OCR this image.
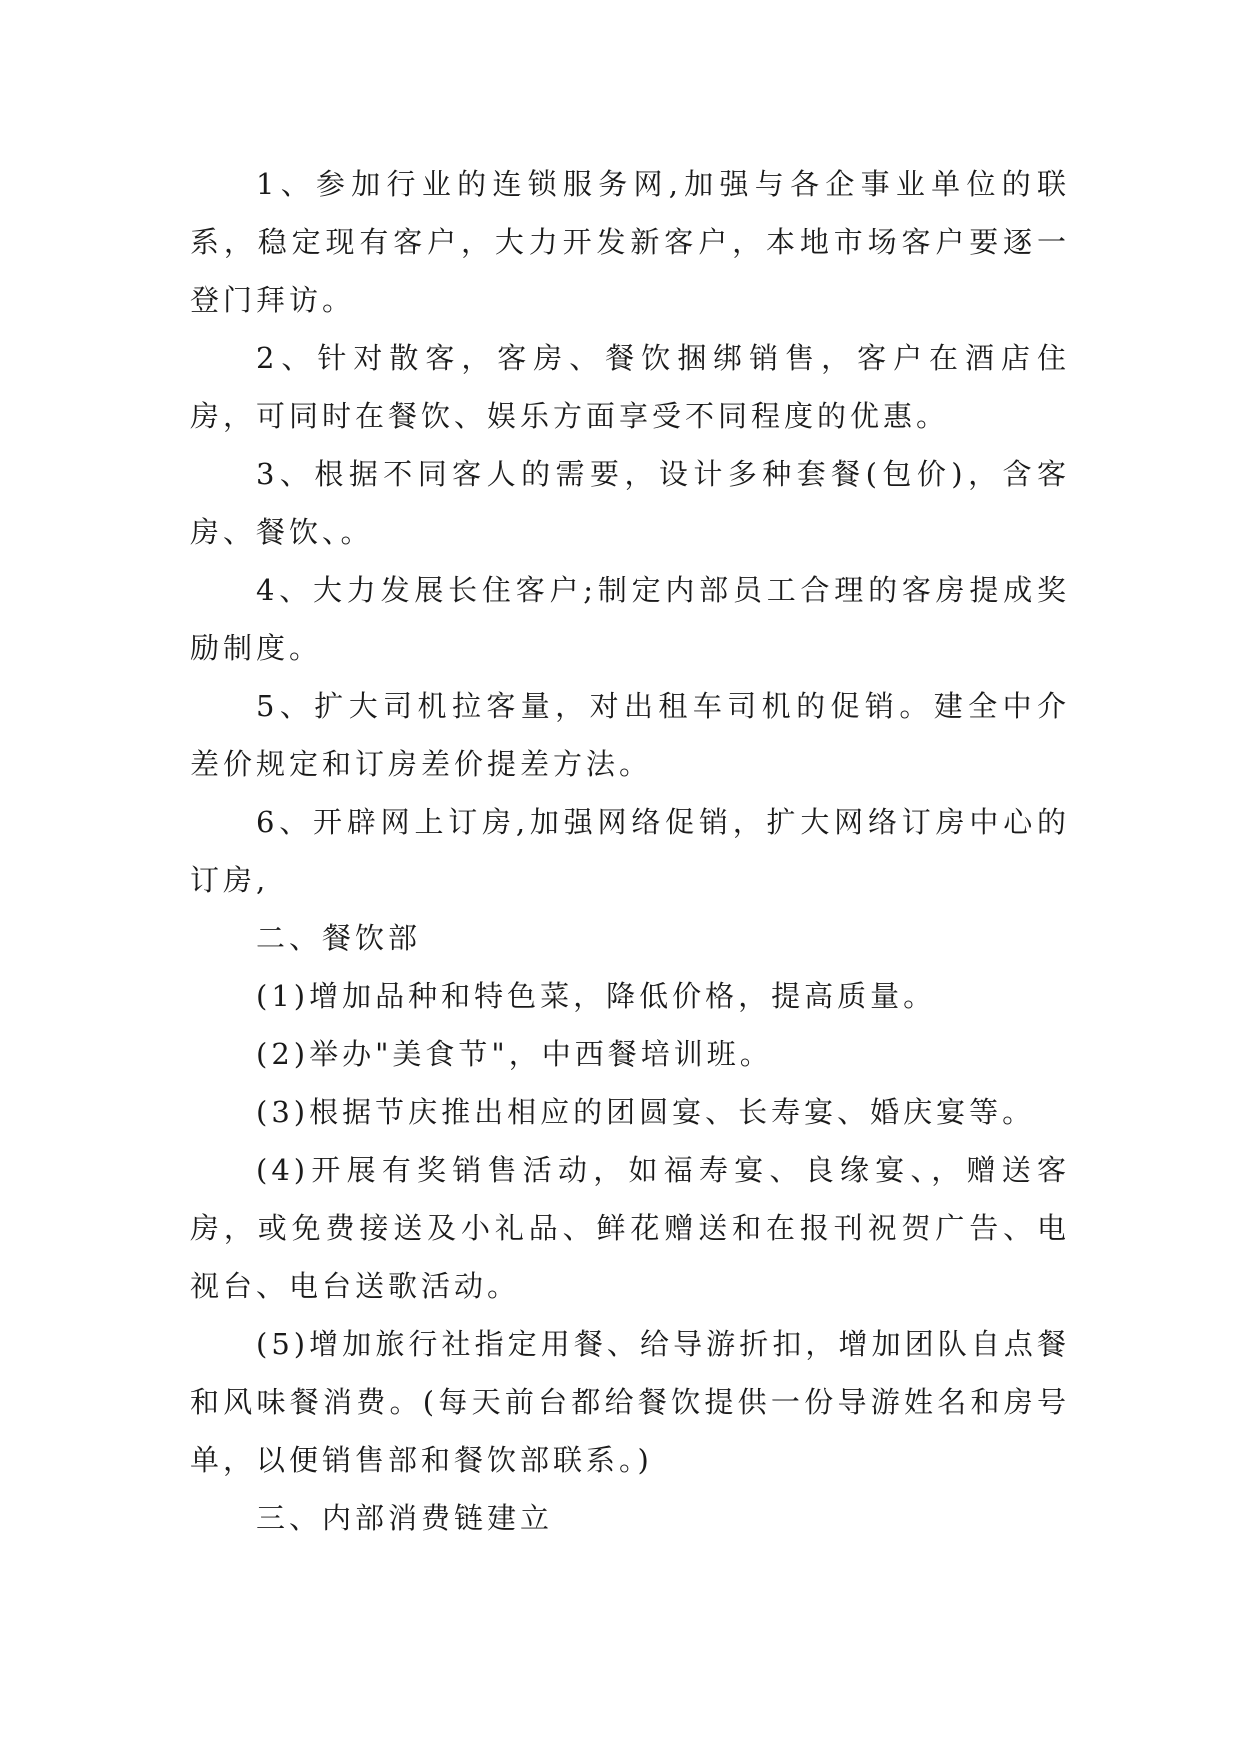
1、参加行业的连锁服务网,加强与各企事业单位的联系，稳定现有客户，大力开发新客户，本地市场客户要逐一登门拜访。

2、针对散客，客房、餐饮捆绑销售，客户在酒店住房，可同时在餐饮、娱乐方面享受不同程度的优惠。

3、根据不同客人的需要，设计多种套餐(包价)，含客房、餐饮、。

4、大力发展长住客户;制定内部员工合理的客房提成奖励制度。

5、扩大司机拉客量，对出租车司机的促销。建全中介差价规定和订房差价提差方法。

6、开辟网上订房,加强网络促销，扩大网络订房中心的订房,

二、餐饮部

(1)增加品种和特色菜，降低价格，提高质量。

(2)举办"美食节"，中西餐培训班。

(3)根据节庆推出相应的团圆宴、长寿宴、婚庆宴等。

(4)开展有奖销售活动，如福寿宴、良缘宴、，赠送客房，或免费接送及小礼品、鲜花赠送和在报刊祝贺广告、电视台、电台送歌活动。

(5)增加旅行社指定用餐、给导游折扣，增加团队自点餐和风味餐消费。(每天前台都给餐饮提供一份导游姓名和房号单，以便销售部和餐饮部联系。)

三、内部消费链建立
